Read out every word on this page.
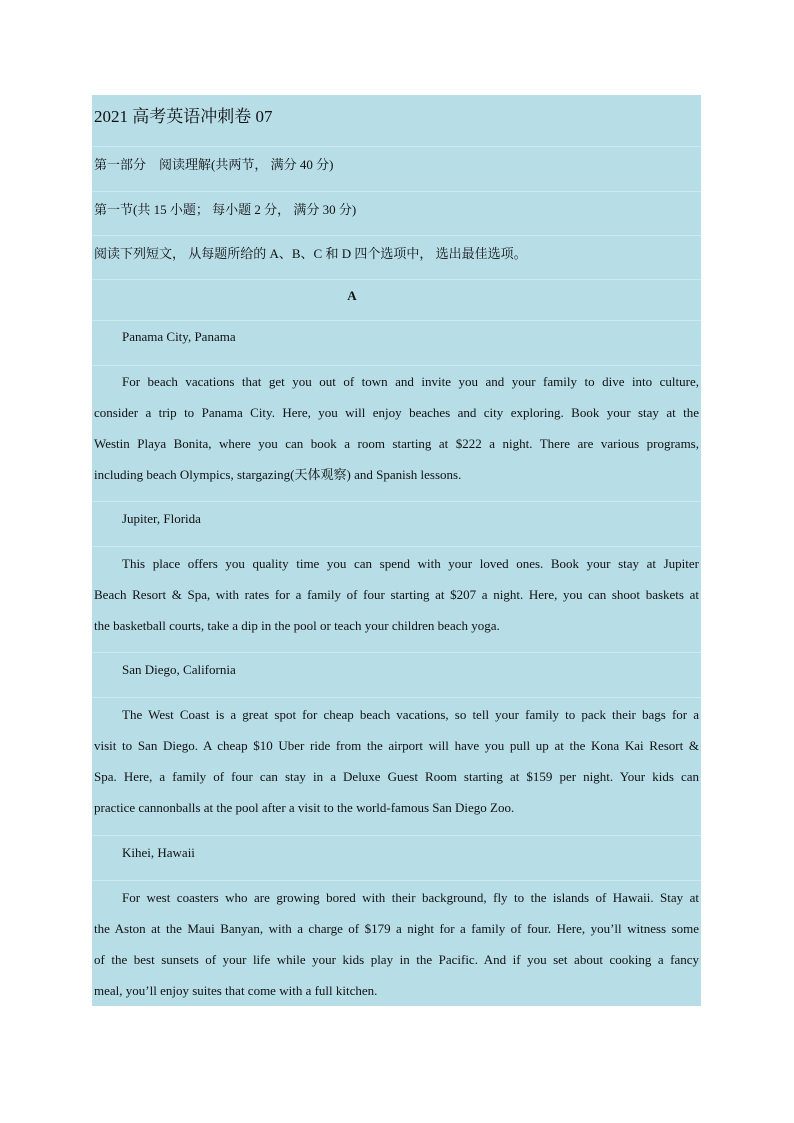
2021 高考英语冲刺卷 07
第一部分　阅读理解(共两节， 满分 40 分)
第一节(共 15 小题； 每小题 2 分， 满分 30 分)
阅读下列短文， 从每题所给的 A、B、C 和 D 四个选项中， 选出最佳选项。
A
Panama City, Panama
For beach vacations that get you out of town and invite you and your family to dive into culture,
consider a trip to Panama City. Here, you will enjoy beaches and city exploring. Book your stay at the
Westin Playa Bonita, where you can book a room starting at $222 a night. There are various programs,
including beach Olympics, stargazing(天体观察) and Spanish lessons.
Jupiter, Florida
This place offers you quality time you can spend with your loved ones. Book your stay at Jupiter
Beach Resort & Spa, with rates for a family of four starting at $207 a night. Here, you can shoot baskets at
the basketball courts, take a dip in the pool or teach your children beach yoga.
San Diego, California
The West Coast is a great spot for cheap beach vacations, so tell your family to pack their bags for a
visit to San Diego. A cheap $10 Uber ride from the airport will have you pull up at the Kona Kai Resort &
Spa. Here, a family of four can stay in a Deluxe Guest Room starting at $159 per night. Your kids can
practice cannonballs at the pool after a visit to the world-famous San Diego Zoo.
Kihei, Hawaii
For west coasters who are growing bored with their background, fly to the islands of Hawaii. Stay at
the Aston at the Maui Banyan, with a charge of $179 a night for a family of four. Here, you’ll witness some
of the best sunsets of your life while your kids play in the Pacific. And if you set about cooking a fancy
meal, you’ll enjoy suites that come with a full kitchen.
